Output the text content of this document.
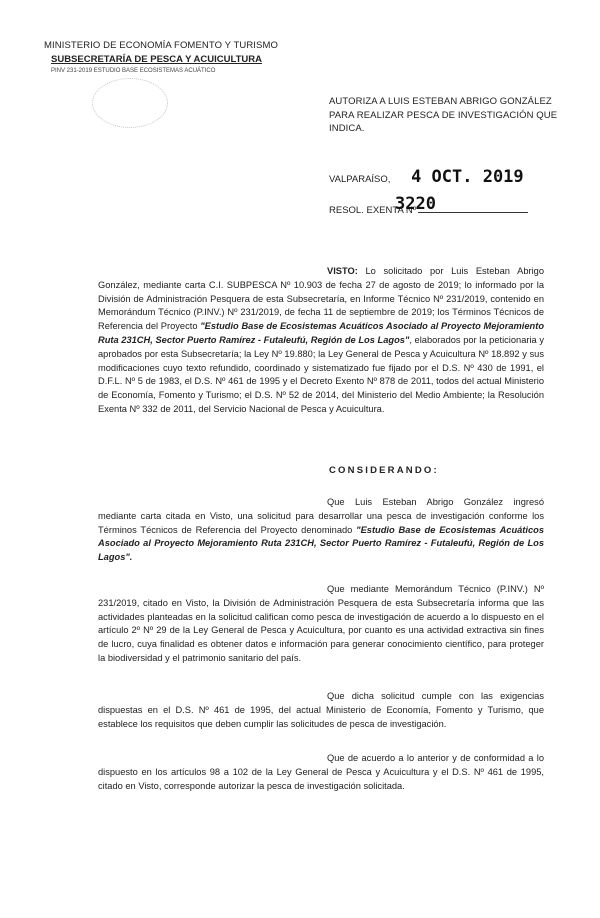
MINISTERIO DE ECONOMÍA FOMENTO Y TURISMO
SUBSECRETARÍA DE PESCA Y ACUICULTURA
PINV 231-2019 ESTUDIO BASE ECOSISTEMAS ACUÁTICO
AUTORIZA A LUIS ESTEBAN ABRIGO GONZÁLEZ PARA REALIZAR PESCA DE INVESTIGACIÓN QUE INDICA.
VALPARAÍSO, 4 OCT. 2019
RESOL. EXENTA Nº
3220
VISTO: Lo solicitado por Luis Esteban Abrigo González, mediante carta C.I. SUBPESCA Nº 10.903 de fecha 27 de agosto de 2019; lo informado por la División de Administración Pesquera de esta Subsecretaría, en Informe Técnico Nº 231/2019, contenido en Memorándum Técnico (P.INV.) Nº 231/2019, de fecha 11 de septiembre de 2019; los Términos Técnicos de Referencia del Proyecto "Estudio Base de Ecosistemas Acuáticos Asociado al Proyecto Mejoramiento Ruta 231CH, Sector Puerto Ramírez - Futaleufú, Región de Los Lagos", elaborados por la peticionaria y aprobados por esta Subsecretaría; la Ley Nº 19.880; la Ley General de Pesca y Acuicultura Nº 18.892 y sus modificaciones cuyo texto refundido, coordinado y sistematizado fue fijado por el D.S. Nº 430 de 1991, el D.F.L. Nº 5 de 1983, el D.S. Nº 461 de 1995 y el Decreto Exento Nº 878 de 2011, todos del actual Ministerio de Economía, Fomento y Turismo; el D.S. Nº 52 de 2014, del Ministerio del Medio Ambiente; la Resolución Exenta Nº 332 de 2011, del Servicio Nacional de Pesca y Acuicultura.
CONSIDERANDO:
Que Luis Esteban Abrigo González ingresó mediante carta citada en Visto, una solicitud para desarrollar una pesca de investigación conforme los Términos Técnicos de Referencia del Proyecto denominado "Estudio Base de Ecosistemas Acuáticos Asociado al Proyecto Mejoramiento Ruta 231CH, Sector Puerto Ramírez - Futaleufú, Región de Los Lagos".
Que mediante Memorándum Técnico (P.INV.) Nº 231/2019, citado en Visto, la División de Administración Pesquera de esta Subsecretaría informa que las actividades planteadas en la solicitud califican como pesca de investigación de acuerdo a lo dispuesto en el artículo 2º Nº 29 de la Ley General de Pesca y Acuicultura, por cuanto es una actividad extractiva sin fines de lucro, cuya finalidad es obtener datos e información para generar conocimiento científico, para proteger la biodiversidad y el patrimonio sanitario del país.
Que dicha solicitud cumple con las exigencias dispuestas en el D.S. Nº 461 de 1995, del actual Ministerio de Economía, Fomento y Turismo, que establece los requisitos que deben cumplir las solicitudes de pesca de investigación.
Que de acuerdo a lo anterior y de conformidad a lo dispuesto en los artículos 98 a 102 de la Ley General de Pesca y Acuicultura y el D.S. Nº 461 de 1995, citado en Visto, corresponde autorizar la pesca de investigación solicitada.
